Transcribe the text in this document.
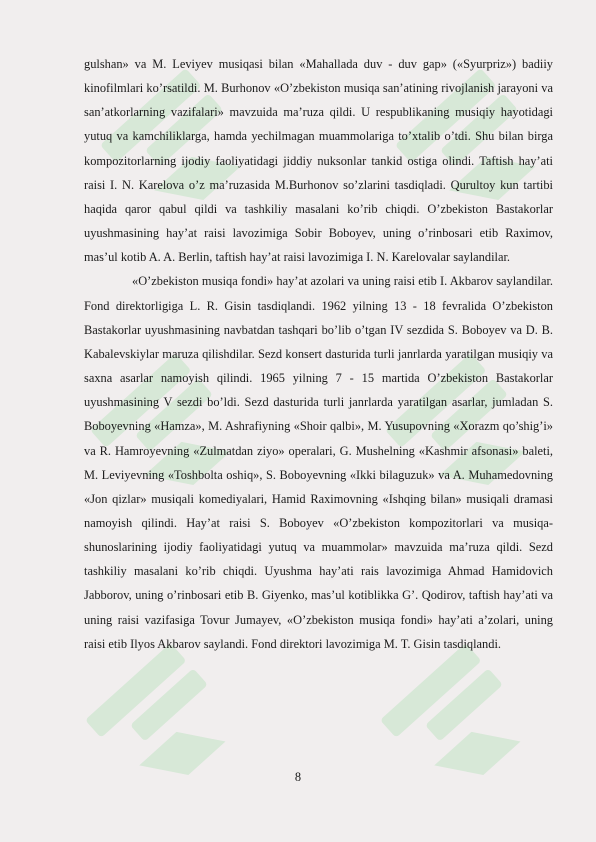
gulshan» va M. Leviyev musiqasi bilan «Mahallada duv - duv gap» («Syurpriz») badiiy kinofilmlari ko’rsatildi. M. Burhonov «O’zbekiston musiqa san’atining rivojlanish jarayoni va san’atkorlarning vazifalari» mavzuida ma’ruza qildi. U respublikaning musiqiy hayotidagi yutuq va kamchiliklarga, hamda yechilmagan muammolariga to’xtalib o’tdi. Shu bilan birga kompozitorlarning ijodiy faoliyatidagi jiddiy nuksonlar tankid ostiga olindi. Taftish hay’ati raisi I. N. Karelova o’z ma’ruzasida M.Burhonov so’zlarini tasdiqladi. Qurultoy kun tartibi haqida qaror qabul qildi va tashkiliy masalani ko’rib chiqdi. O’zbekiston Bastakorlar uyushmasining hay’at raisi lavozimiga Sobir Boboyev, uning o’rinbosari etib Raximov, mas’ul kotib A. A. Berlin, taftish hay’at raisi lavozimiga I. N. Karelovalar saylandilar.

«O’zbekiston musiqa fondi» hay’at azolari va uning raisi etib I. Akbarov saylandilar. Fond direktorligiga L. R. Gisin tasdiqlandi. 1962 yilning 13 - 18 fevralida O’zbekiston Bastakorlar uyushmasining navbatdan tashqari bo’lib o’tgan IV sezdida S. Boboyev va D. B. Kabalevskiylar maruza qilishdilar. Sezd konsert dasturida turli janrlarda yaratilgan musiqiy va saxna asarlar namoyish qilindi. 1965 yilning 7 - 15 martida O’zbekiston Bastakorlar uyushmasining V sezdi bo’ldi. Sezd dasturida turli janrlarda yaratilgan asarlar, jumladan S. Boboyevning «Hamza», M. Ashrafiyning «Shoir qalbi», M. Yusupovning «Xorazm qo’shig’i» va R. Hamroyevning «Zulmatdan ziyo» operalari, G. Mushelning «Kashmir afsonasi» baleti, M. Leviyevning «Toshbolta oshiq», S. Boboyevning «Ikki bilaguzuk» va A. Muhamedovning «Jon qizlar» musiqali komediyalari, Hamid Raximovning «Ishqing bilan» musiqali dramasi namoyish qilindi. Hay’at raisi S. Boboyev «O’zbekiston kompozitorlari va musiqa-shunoslarining ijodiy faoliyatidagi yutuq va muammolar» mavzuida ma’ruza qildi. Sezd tashkiliy masalani ko’rib chiqdi. Uyushma hay’ati rais lavozimiga Ahmad Hamidovich Jabborov, uning o’rinbosari etib B. Giyenko, mas’ul kotiblikka G’. Qodirov, taftish hay’ati va uning raisi vazifasiga Tovur Jumayev, «O’zbekiston musiqa fondi» hay’ati a’zolari, uning raisi etib Ilyos Akbarov saylandi. Fond direktori lavozimiga M. T. Gisin tasdiqlandi.

8
